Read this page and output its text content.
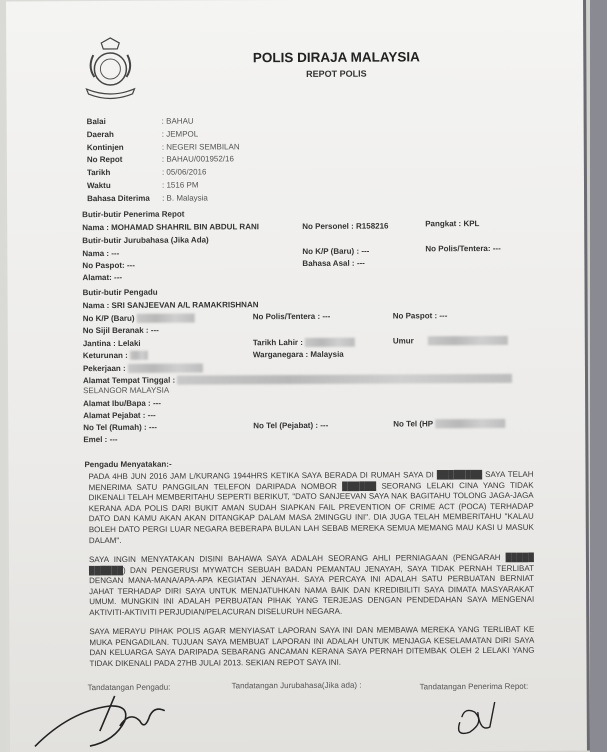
POLIS DIRAJA MALAYSIA
REPOT POLIS
Balai	: BAHAU
Daerah	: JEMPOL
Kontinjen	: NEGERI SEMBILAN
No Repot	: BAHAU/001952/16
Tarikh	: 05/06/2016
Waktu	: 1516 PM
Bahasa Diterima : B. Malaysia
Butir-butir Penerima Repot
Nama : MOHAMAD SHAHRIL BIN ABDUL RANI	No Personel : R158216	Pangkat : KPL
Butir-butir Jurubahasa (Jika Ada)
Nama : ---	No K/P (Baru) : ---	No Polis/Tentera: ---
No Paspot: ---	Bahasa Asal : ---
Alamat: ---
Butir-butir Pengadu
Nama : SRI SANJEEVAN A/L RAMAKRISHNAN
No K/P (Baru)	No Polis/Tentera : ---	No Paspot : ---
No Sijil Beranak : ---
Jantina : Lelaki	Tarikh Lahir :	Umur
Keturunan :	Warganegara : Malaysia
Pekerjaan :
Alamat Tempat Tinggal :
SELANGOR MALAYSIA
Alamat Ibu/Bapa : ---
Alamat Pejabat : ---
No Tel (Rumah) : ---	No Tel (Pejabat) : ---	No Tel (HP
Emel : ---
Pengadu Menyatakan:-
PADA 4HB JUN 2016 JAM L/KURANG 1944HRS KETIKA SAYA BERADA DI RUMAH SAYA DI ████████ SAYA TELAH MENERIMA SATU PANGGILAN TELEFON DARIPADA NOMBOR ██████ SEORANG LELAKI CINA YANG TIDAK DIKENALI TELAH MEMBERITAHU SEPERTI BERIKUT, "DATO SANJEEVAN SAYA NAK BAGITAHU TOLONG JAGA-JAGA KERANA ADA POLIS DARI BUKIT AMAN SUDAH SIAPKAN FAIL PREVENTION OF CRIME ACT (POCA) TERHADAP DATO DAN KAMU AKAN AKAN DITANGKAP DALAM MASA 2MINGGU INI". DIA JUGA TELAH MEMBERITAHU "KALAU BOLEH DATO PERGI LUAR NEGARA BEBERAPA BULAN LAH SEBAB MEREKA SEMUA MEMANG MAU KASI U MASUK DALAM".
SAYA INGIN MENYATAKAN DISINI BAHAWA SAYA ADALAH SEORANG AHLI PERNIAGAAN (PENGARAH █████ ██████) DAN PENGERUSI MYWATCH SEBUAH BADAN PEMANTAU JENAYAH, SAYA TIDAK PERNAH TERLIBAT DENGAN MANA-MANA/APA-APA KEGIATAN JENAYAH. SAYA PERCAYA INI ADALAH SATU PERBUATAN BERNIAT JAHAT TERHADAP DIRI SAYA UNTUK MENJATUHKAN NAMA BAIK DAN KREDIBILITI SAYA DIMATA MASYARAKAT UMUM. MUNGKIN INI ADALAH PERBUATAN PIHAK YANG TERJEJAS DENGAN PENDEDAHAN SAYA MENGENAI AKTIVITI-AKTIVITI PERJUDIAN/PELACURAN DISELURUH NEGARA.
SAYA MERAYU PIHAK POLIS AGAR MENYIASAT LAPORAN SAYA INI DAN MEMBAWA MEREKA YANG TERLIBAT KE MUKA PENGADILAN. TUJUAN SAYA MEMBUAT LAPORAN INI ADALAH UNTUK MENJAGA KESELAMATAN DIRI SAYA DAN KELUARGA SAYA DARIPADA SEBARANG ANCAMAN KERANA SAYA PERNAH DITEMBAK OLEH 2 LELAKI YANG TIDAK DIKENALI PADA 27HB JULAI 2013. SEKIAN REPOT SAYA INI.
Tandatangan Pengadu:	Tandatangan Jurubahasa(Jika ada) :	Tandatangan Penerima Repot:
